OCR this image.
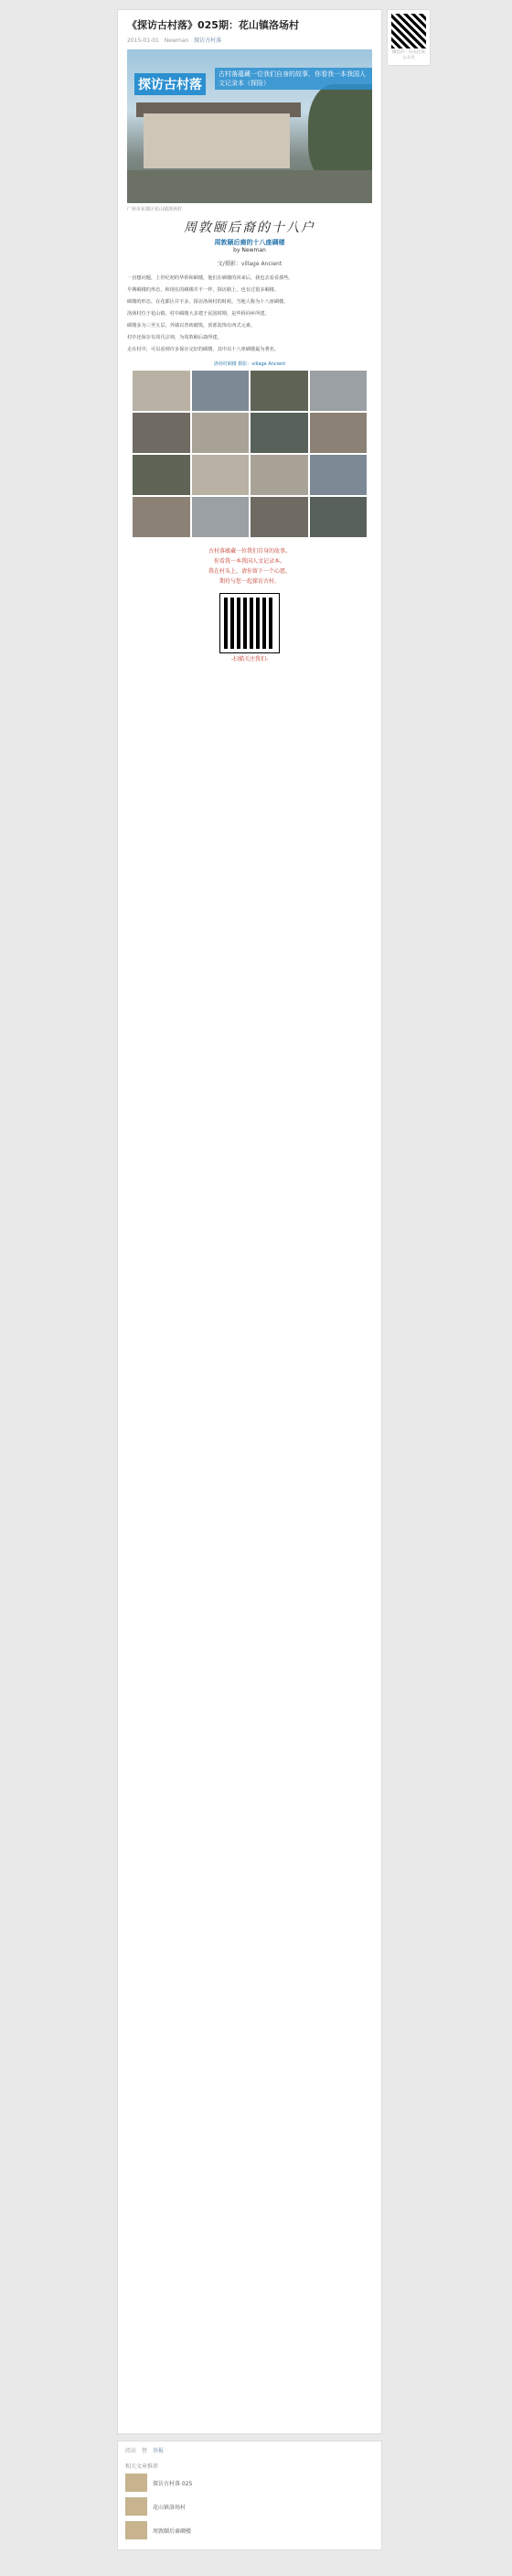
微信扫一扫关注该公众号
《探访古村落》025期：花山镇洛场村
2015-01-01 Newman 探访古村落
探访古村落
古村落蕴藏一位我们自身的故事，你看我一本我国人文记录本（探险）
广州市花都区花山镇洛场村
周敦颐后裔的十八户
周敦颐后裔的十八座碉楼
by Newman
文/摄影：village Ancient

一直想问题，上世纪初的华侨和碉楼，他们在碉楼的回来后，我也去看看那些。

早期碉楼的形态，和现在的碉楼并不一样，探访路上，也有过很多碉楼。

碉楼的形态，在花都区并不多，探访洛场村的时候，当地人称为十八座碉楼。

洛场村位于花山镇，村中碉楼大多建于民国时期，是华侨回乡所建。

碉楼多为三至五层，外墙以青砖砌筑，顶部装饰有西式元素。

村中还保存有周氏宗祠，为周敦颐后裔所建。

走在村中，可以看到许多保存完好的碉楼，其中以十八座碉楼最为著名。

洛场村碉楼 摄影：village Ancient
古村落蕴藏一位我们自身的故事。
你看我一本我国人文记录本。
我在村头上，请你留下一个心愿。
期待与您一起探访古村。
-扫描关注我们-
阅读 赞 举报
相关文章推荐
探访古村落 025
花山镇洛场村
周敦颐后裔碉楼
